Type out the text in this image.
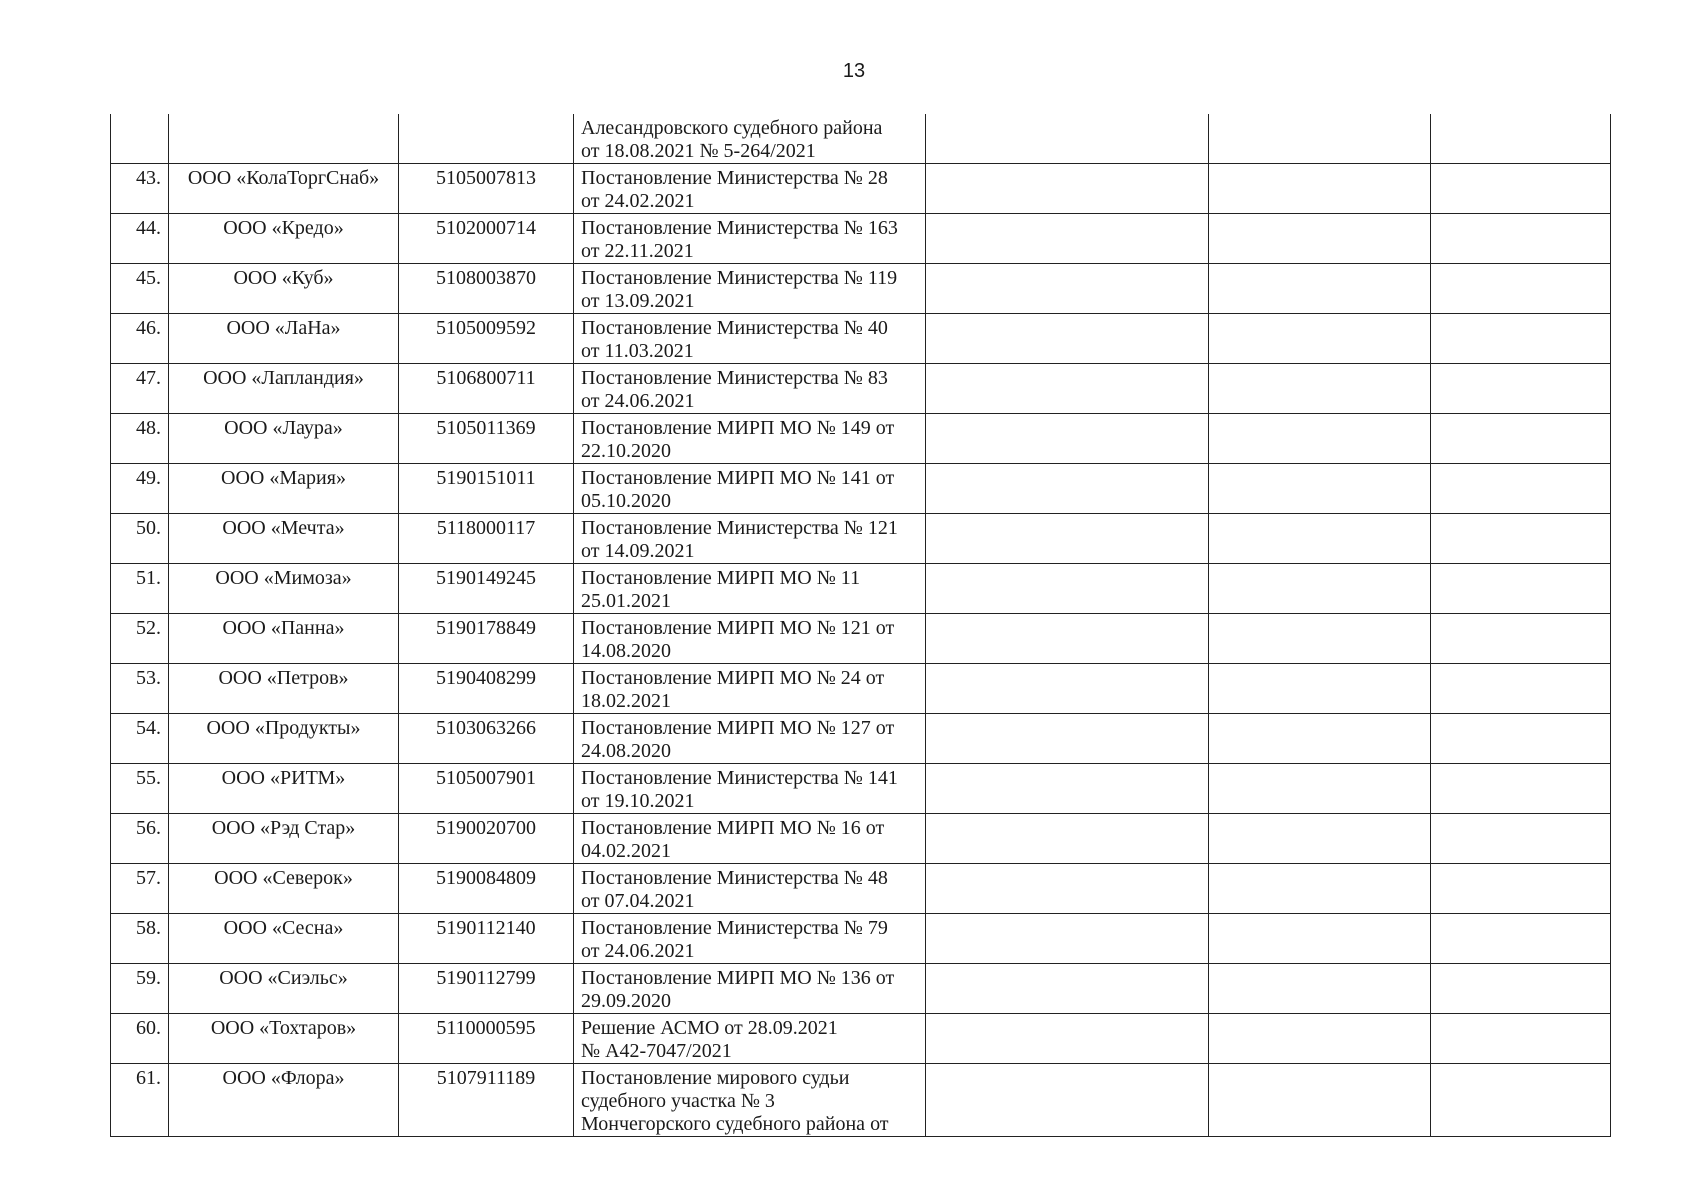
13

			Алесандровского судебного района
от 18.08.2021 № 5-264/2021			

43.	ООО «КолаТоргСнаб»	5105007813	Постановление Министерства № 28
от 24.02.2021			

44.	ООО «Кредо»	5102000714	Постановление Министерства № 163
от 22.11.2021			

45.	ООО «Куб»	5108003870	Постановление Министерства № 119
от 13.09.2021			

46.	ООО «ЛаНа»	5105009592	Постановление Министерства № 40
от 11.03.2021			

47.	ООО «Лапландия»	5106800711	Постановление Министерства № 83
от 24.06.2021			

48.	ООО «Лаура»	5105011369	Постановление МИРП МО № 149 от
22.10.2020			

49.	ООО «Мария»	5190151011	Постановление МИРП МО № 141 от
05.10.2020			

50.	ООО «Мечта»	5118000117	Постановление Министерства № 121
от 14.09.2021			

51.	ООО «Мимоза»	5190149245	Постановление МИРП МО № 11
25.01.2021			

52.	ООО «Панна»	5190178849	Постановление МИРП МО № 121 от
14.08.2020			

53.	ООО «Петров»	5190408299	Постановление МИРП МО № 24 от
18.02.2021			

54.	ООО «Продукты»	5103063266	Постановление МИРП МО № 127 от
24.08.2020			

55.	ООО «РИТМ»	5105007901	Постановление Министерства № 141
от 19.10.2021			

56.	ООО «Рэд Стар»	5190020700	Постановление МИРП МО № 16 от
04.02.2021			

57.	ООО «Северок»	5190084809	Постановление Министерства № 48
от 07.04.2021			

58.	ООО «Сесна»	5190112140	Постановление Министерства № 79
от 24.06.2021			

59.	ООО «Сиэльс»	5190112799	Постановление МИРП МО № 136 от
29.09.2020			

60.	ООО «Тохтаров»	5110000595	Решение АСМО от 28.09.2021
№ А42-7047/2021			

61.	ООО «Флора»	5107911189	Постановление мирового судьи
судебного участка № 3
Мончегорского судебного района от			
